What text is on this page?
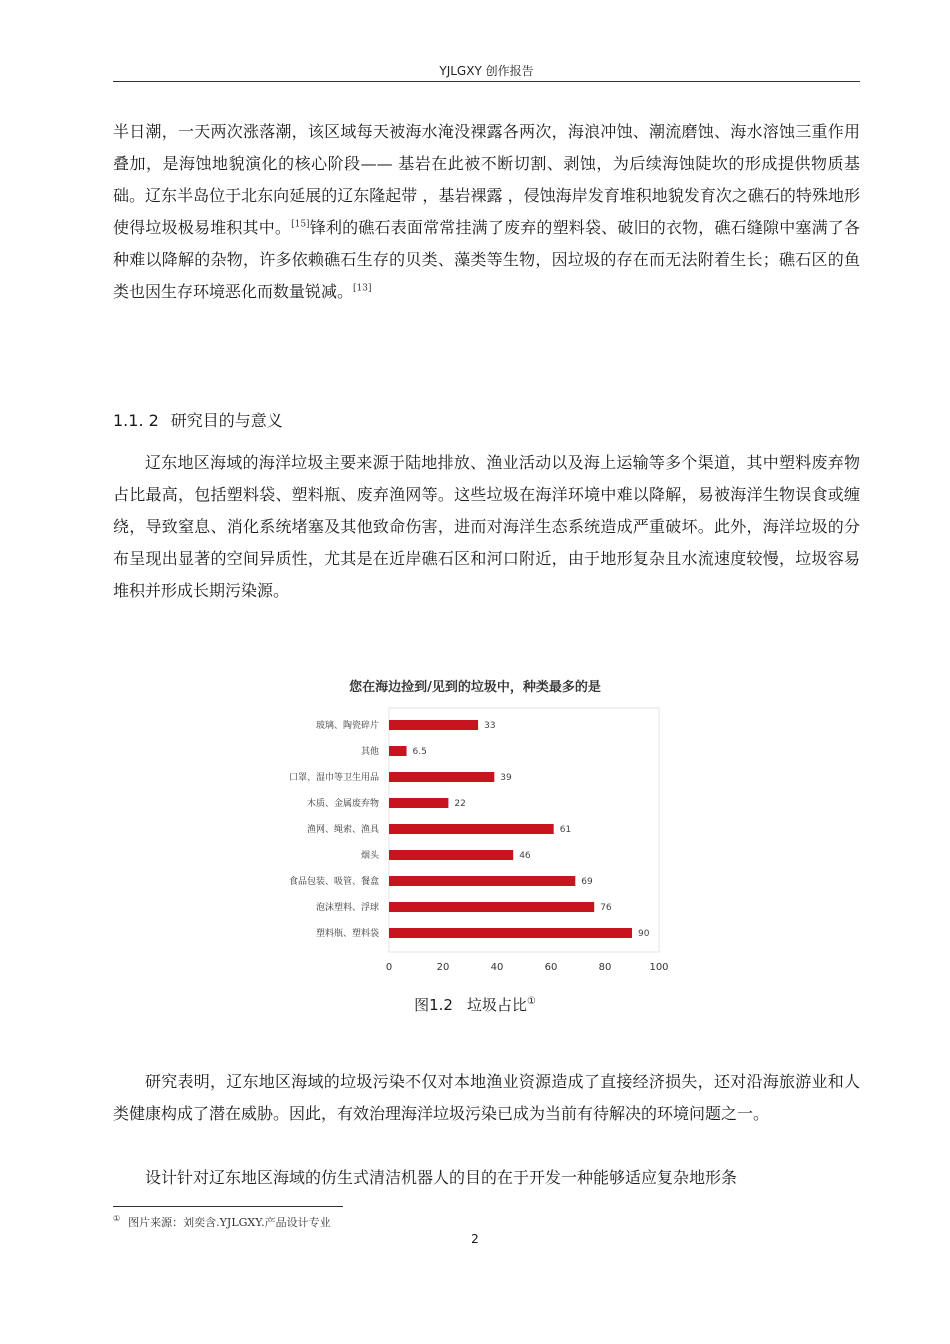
YJLGXY 创作报告

半日潮，一天两次涨落潮，该区域每天被海水淹没裸露各两次，海浪冲蚀、潮流磨蚀、海水溶蚀三重作用叠加，是海蚀地貌演化的核心阶段—— 基岩在此被不断切割、剥蚀，为后续海蚀陡坎的形成提供物质基础。辽东半岛位于北东向延展的辽东隆起带 ，基岩裸露 ，侵蚀海岸发育堆积地貌发育次之礁石的特殊地形使得垃圾极易堆积其中。[15]锋利的礁石表面常常挂满了废弃的塑料袋、破旧的衣物，礁石缝隙中塞满了各种难以降解的杂物，许多依赖礁石生存的贝类、藻类等生物，因垃圾的存在而无法附着生长；礁石区的鱼类也因生存环境恶化而数量锐减。[13]

1.1. 2 研究目的与意义

辽东地区海域的海洋垃圾主要来源于陆地排放、渔业活动以及海上运输等多个渠道，其中塑料废弃物占比最高，包括塑料袋、塑料瓶、废弃渔网等。这些垃圾在海洋环境中难以降解，易被海洋生物误食或缠绕，导致窒息、消化系统堵塞及其他致命伤害，进而对海洋生态系统造成严重破坏。此外，海洋垃圾的分布呈现出显著的空间异质性，尤其是在近岸礁石区和河口附近，由于地形复杂且水流速度较慢，垃圾容易堆积并形成长期污染源。

您在海边捡到/见到的垃圾中，种类最多的是
玻璃、陶瓷碎片	33
其他	6.5
口罩、湿巾等卫生用品	39
木质、金属废弃物	22
渔网、绳索、渔具	61
烟头	46
食品包装、吸管、餐盒	69
泡沫塑料、浮球	76
塑料瓶、塑料袋	90
0	20	40	60	80	100

图1.2 垃圾占比①

研究表明，辽东地区海域的垃圾污染不仅对本地渔业资源造成了直接经济损失，还对沿海旅游业和人类健康构成了潜在威胁。因此，有效治理海洋垃圾污染已成为当前有待解决的环境问题之一。

设计针对辽东地区海域的仿生式清洁机器人的目的在于开发一种能够适应复杂地形条

① 图片来源：刘奕含.YJLGXY.产品设计专业
2
